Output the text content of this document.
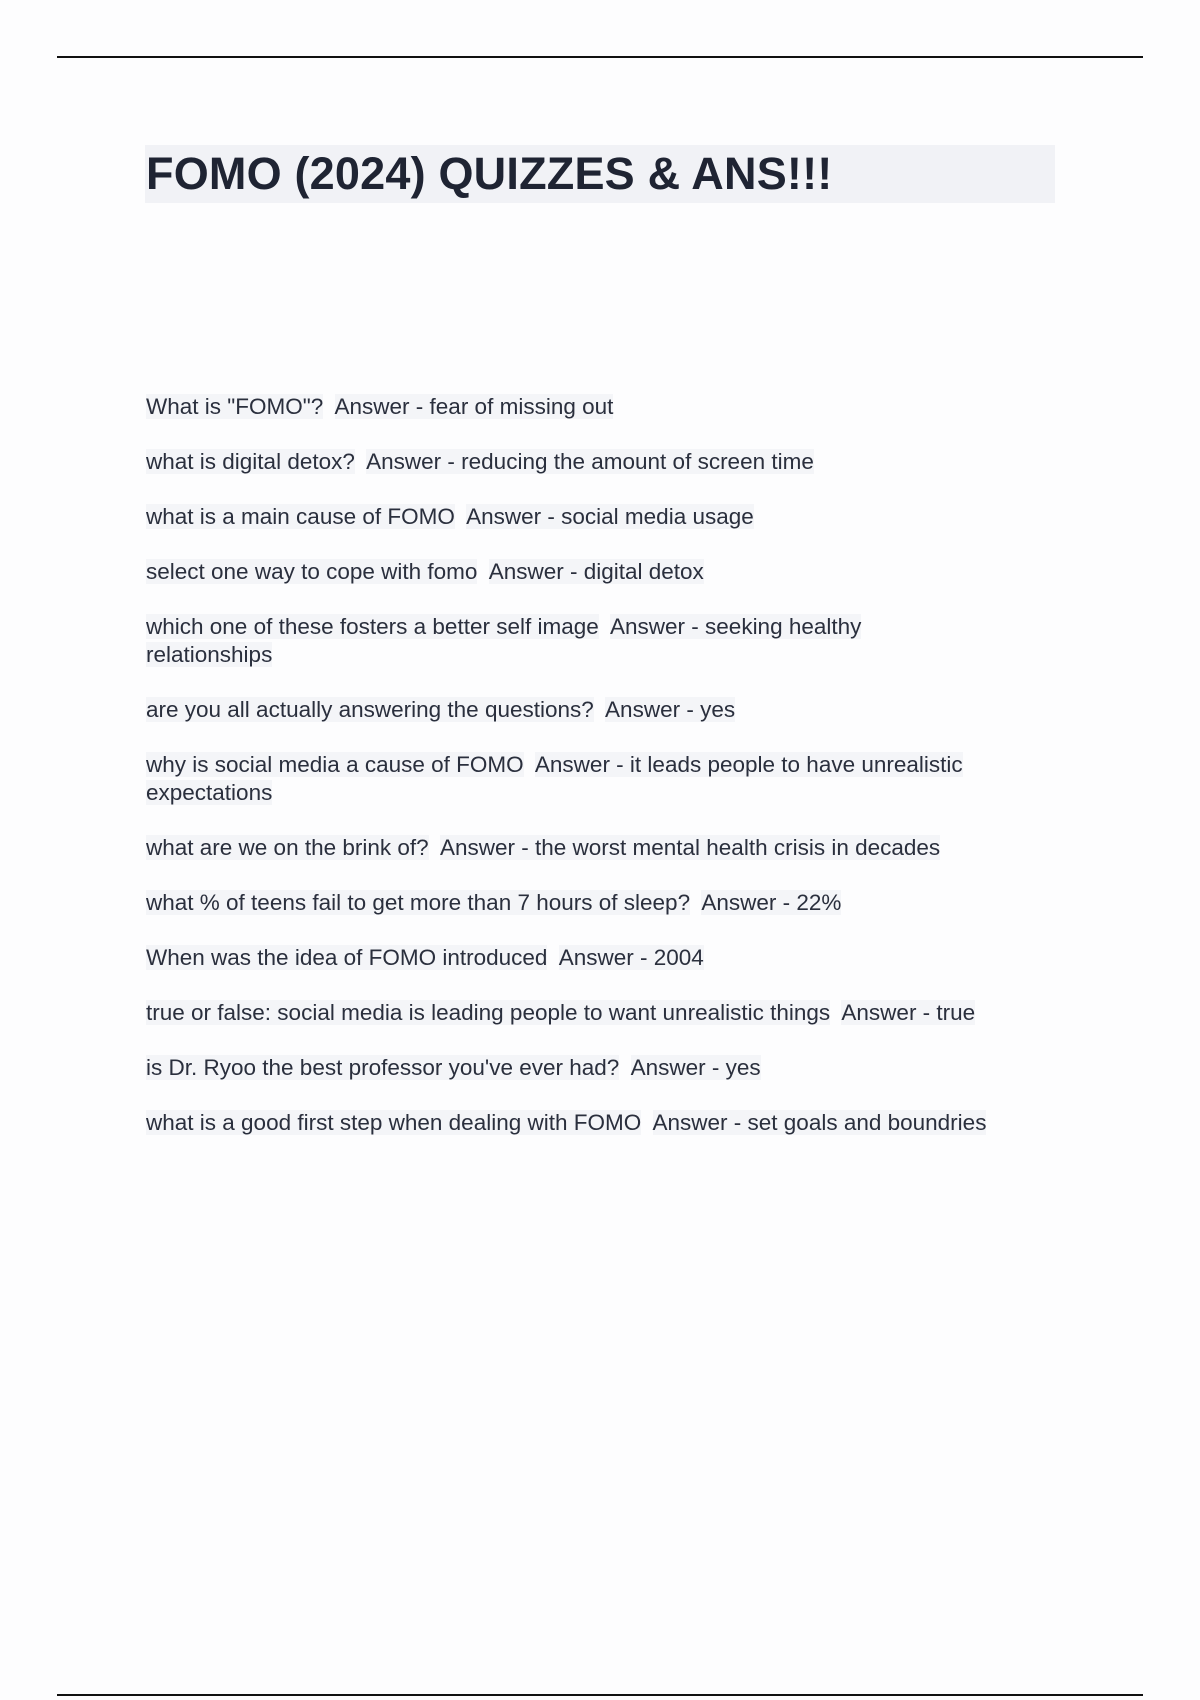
FOMO (2024) QUIZZES & ANS!!!
What is "FOMO"? Answer - fear of missing out
what is digital detox? Answer - reducing the amount of screen time
what is a main cause of FOMO Answer - social media usage
select one way to cope with fomo Answer - digital detox
which one of these fosters a better self image Answer - seeking healthy relationships
are you all actually answering the questions? Answer - yes
why is social media a cause of FOMO Answer - it leads people to have unrealistic expectations
what are we on the brink of? Answer - the worst mental health crisis in decades
what % of teens fail to get more than 7 hours of sleep? Answer - 22%
When was the idea of FOMO introduced Answer - 2004
true or false: social media is leading people to want unrealistic things Answer - true
is Dr. Ryoo the best professor you've ever had? Answer - yes
what is a good first step when dealing with FOMO Answer - set goals and boundries
